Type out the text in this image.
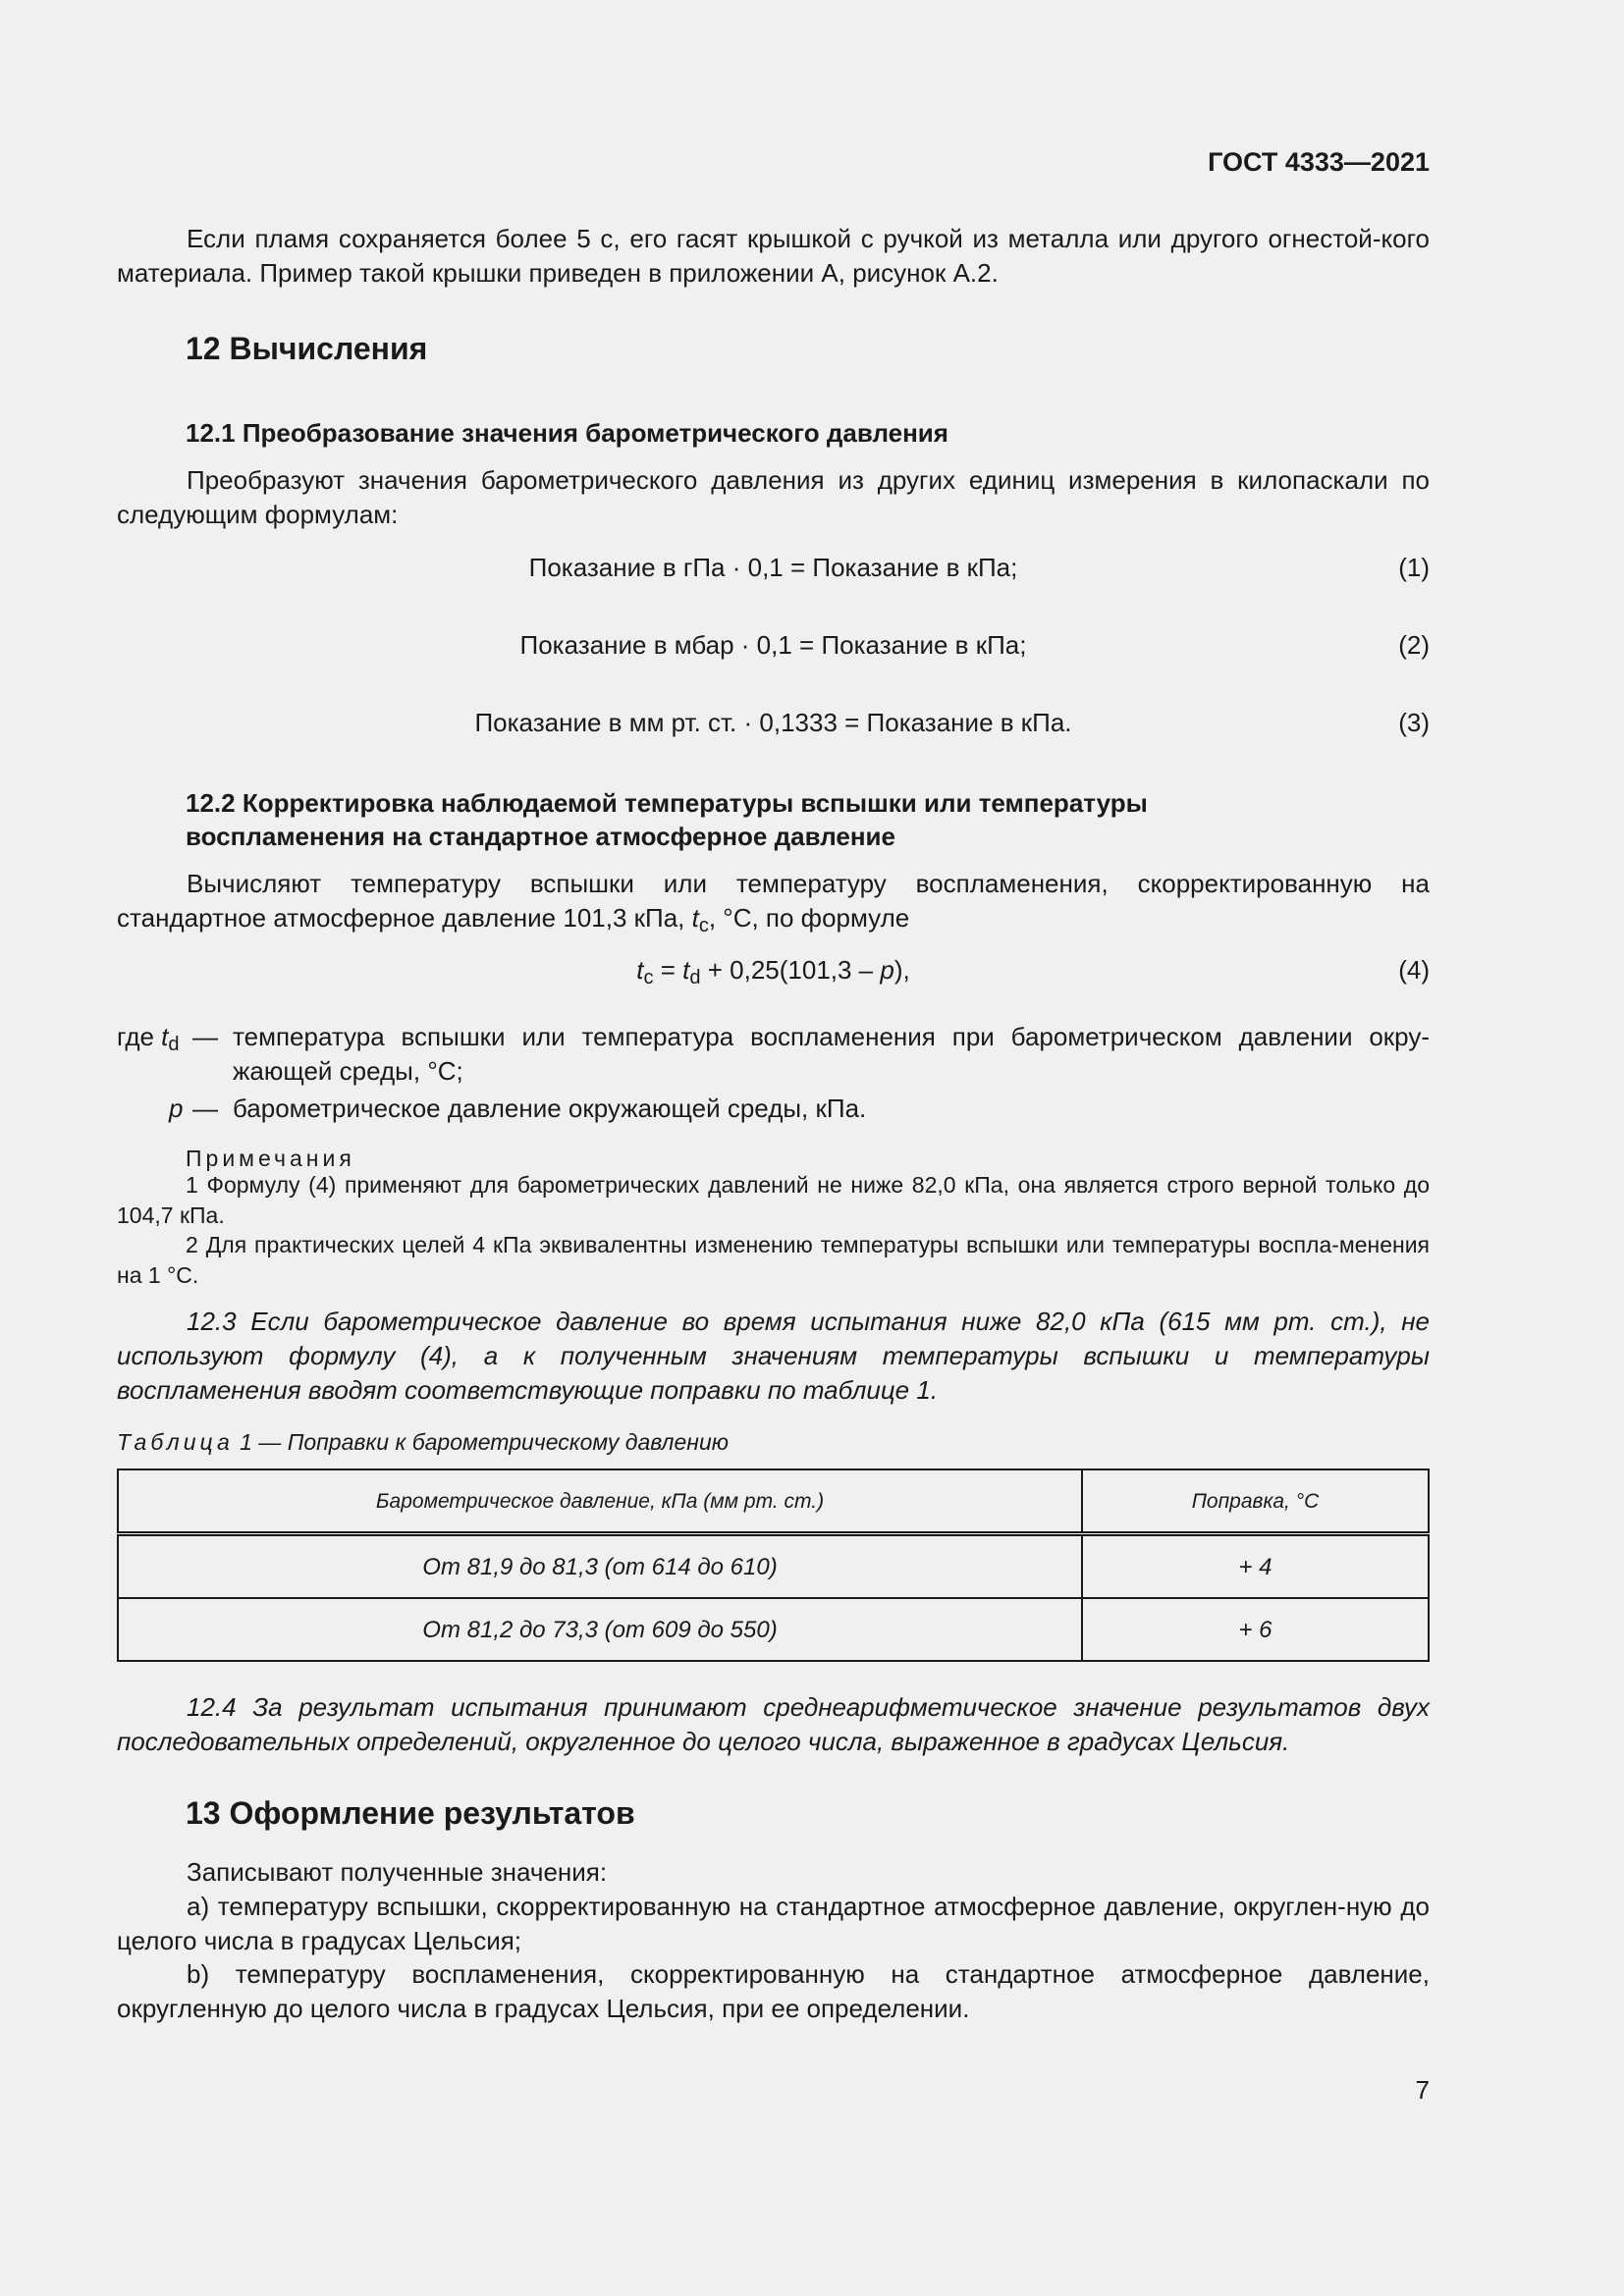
ГОСТ 4333—2021
Если пламя сохраняется более 5 с, его гасят крышкой с ручкой из металла или другого огнестой-кого материала. Пример такой крышки приведен в приложении А, рисунок А.2.
12 Вычисления
12.1 Преобразование значения барометрического давления
Преобразуют значения барометрического давления из других единиц измерения в килопаскали по следующим формулам:
Показание в гПа · 0,1 = Показание в кПа;	(1)
Показание в мбар · 0,1 = Показание в кПа;	(2)
Показание в мм рт. ст. · 0,1333 = Показание в кПа.	(3)
12.2 Корректировка наблюдаемой температуры вспышки или температуры воспламенения на стандартное атмосферное давление
Вычисляют температуру вспышки или температуру воспламенения, скорректированную на стандартное атмосферное давление 101,3 кПа, $t_c$, °С, по формуле
$t_c = t_d + 0,25(101,3 - p)$,	(4)
где $t_d$ — температура вспышки или температура воспламенения при барометрическом давлении окру-жающей среды, °С;
p — барометрическое давление окружающей среды, кПа.
Примечания
1 Формулу (4) применяют для барометрических давлений не ниже 82,0 кПа, она является строго верной только до 104,7 кПа.
2 Для практических целей 4 кПа эквивалентны изменению температуры вспышки или температуры воспла-менения на 1 °С.
12.3 Если барометрическое давление во время испытания ниже 82,0 кПа (615 мм рт. ст.), не используют формулу (4), а к полученным значениям температуры вспышки и температуры воспламенения вводят соответствующие поправки по таблице 1.
Таблица 1 — Поправки к барометрическому давлению
Барометрическое давление, кПа (мм рт. ст.)	Поправка, °С
От 81,9 до 81,3 (от 614 до 610)	+ 4
От 81,2 до 73,3 (от 609 до 550)	+ 6
12.4 За результат испытания принимают среднеарифметическое значение результатов двух последовательных определений, округленное до целого числа, выраженное в градусах Цельсия.
13 Оформление результатов
Записывают полученные значения:
a) температуру вспышки, скорректированную на стандартное атмосферное давление, округлен-ную до целого числа в градусах Цельсия;
b) температуру воспламенения, скорректированную на стандартное атмосферное давление, округленную до целого числа в градусах Цельсия, при ее определении.
7
